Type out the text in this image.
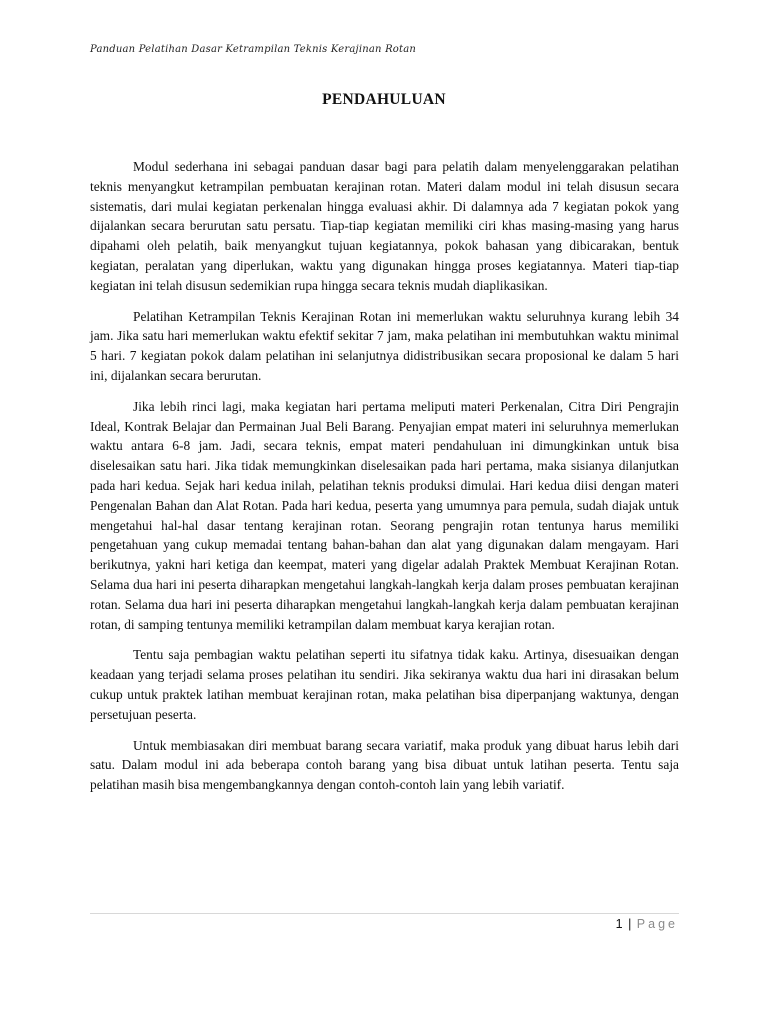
Panduan Pelatihan Dasar Ketrampilan Teknis Kerajinan Rotan
PENDAHULUAN

Modul sederhana ini sebagai panduan dasar bagi para pelatih dalam menyelenggarakan pelatihan teknis menyangkut ketrampilan pembuatan kerajinan rotan. Materi dalam modul ini telah disusun secara sistematis, dari mulai kegiatan perkenalan hingga evaluasi akhir. Di dalamnya ada 7 kegiatan pokok yang dijalankan secara berurutan satu persatu. Tiap-tiap kegiatan memiliki ciri khas masing-masing yang harus dipahami oleh pelatih, baik menyangkut tujuan kegiatannya, pokok bahasan yang dibicarakan, bentuk kegiatan, peralatan yang diperlukan, waktu yang digunakan hingga proses kegiatannya. Materi tiap-tiap kegiatan ini telah disusun sedemikian rupa hingga secara teknis mudah diaplikasikan.

Pelatihan Ketrampilan Teknis Kerajinan Rotan ini memerlukan waktu seluruhnya kurang lebih 34 jam. Jika satu hari memerlukan waktu efektif sekitar 7 jam, maka pelatihan ini membutuhkan waktu minimal 5 hari. 7 kegiatan pokok dalam pelatihan ini selanjutnya didistribusikan secara proposional ke dalam 5 hari ini, dijalankan secara berurutan.

Jika lebih rinci lagi, maka kegiatan hari pertama meliputi materi Perkenalan, Citra Diri Pengrajin Ideal, Kontrak Belajar dan Permainan Jual Beli Barang. Penyajian empat materi ini seluruhnya memerlukan waktu antara 6-8 jam. Jadi, secara teknis, empat materi pendahuluan ini dimungkinkan untuk bisa diselesaikan satu hari. Jika tidak memungkinkan diselesaikan pada hari pertama, maka sisianya dilanjutkan pada hari kedua. Sejak hari kedua inilah, pelatihan teknis produksi dimulai. Hari kedua diisi dengan materi Pengenalan Bahan dan Alat Rotan. Pada hari kedua, peserta yang umumnya para pemula, sudah diajak untuk mengetahui hal-hal dasar tentang kerajinan rotan. Seorang pengrajin rotan tentunya harus memiliki pengetahuan yang cukup memadai tentang bahan-bahan dan alat yang digunakan dalam mengayam. Hari berikutnya, yakni hari ketiga dan keempat, materi yang digelar adalah Praktek Membuat Kerajinan Rotan. Selama dua hari ini peserta diharapkan mengetahui langkah-langkah kerja dalam proses pembuatan kerajinan rotan. Selama dua hari ini peserta diharapkan mengetahui langkah-langkah kerja dalam pembuatan kerajinan rotan, di samping tentunya memiliki ketrampilan dalam membuat karya kerajian rotan.

Tentu saja pembagian waktu pelatihan seperti itu sifatnya tidak kaku. Artinya, disesuaikan dengan keadaan yang terjadi selama proses pelatihan itu sendiri. Jika sekiranya waktu dua hari ini dirasakan belum cukup untuk praktek latihan membuat kerajinan rotan, maka pelatihan bisa diperpanjang waktunya, dengan persetujuan peserta.

Untuk membiasakan diri membuat barang secara variatif, maka produk yang dibuat harus lebih dari satu. Dalam modul ini ada beberapa contoh barang yang bisa dibuat untuk latihan peserta. Tentu saja pelatihan masih bisa mengembangkannya dengan contoh-contoh lain yang lebih variatif.

1 | Page
